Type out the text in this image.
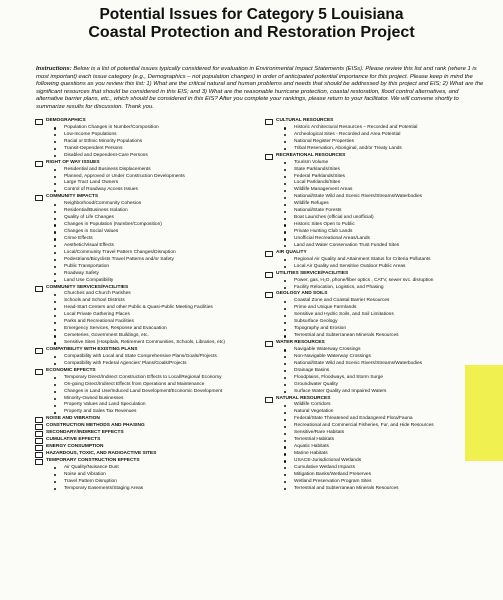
Potential Issues for Category 5 Louisiana
Coastal Protection and Restoration Project
Instructions: Below is a list of potential issues typically considered for evaluation in Environmental Impact Statements (EISs). Please review this list and rank (where 1 is most important) each issue category (e.g., Demographics – not population changes) in order of anticipated potential importance for this project. Please keep in mind the following questions as you review this list: 1) What are the critical natural and human problems and needs that should be addressed by this project and EIS; 2) What are the significant resources that should be considered in this EIS; and 3) What are the reasonable hurricane protection, coastal restoration, flood control alternatives, and alternative barrier plans, etc., which should be considered in this EIS? After you complete your rankings, please return to your facilitator. We will convene shortly to summarize results for discussion. Thank you.
DEMOGRAPHICS
Population Changes in Number/Composition
Low-Income Populations
Racial or Ethnic Minority Populations
Transit-Dependent Persons
Disabled and Dependent-Care Persons
RIGHT OF WAY ISSUES
Residential and Business Displacements
Planned, Approved or Under Construction Developments
Large Tract Land Owners
Control of Roadway Access Issues
COMMUNITY IMPACTS
Neighborhood/Community Cohesion
Residential/Business Isolation
Quality of Life Changes
Changes in Population (Number/Composition)
Changes in Social Values
Crime Effects
Aesthetic/Visual Effects
Local/Community Travel Pattern Changes/Disruption
Pedestrians/Bicyclists Travel Patterns and/or Safety
Public Transportation
Roadway Safety
Land Use Compatibility
COMMUNITY SERVICES/FACILITIES
Churches and Church Parishes
Schools and School Districts
Head-Start Centers and other Public & Quasi-Public Meeting Facilities
Local Private Gathering Places
Parks and Recreational Facilities
Emergency Services, Response and Evacuation
Cemeteries, Government Buildings, etc.
Sensitive Sites (Hospitals, Retirement Communities, Schools, Libraries, etc)
COMPATIBILITY WITH EXISTING PLANS
Compatibility with Local and State Comprehensive Plans/Goals/Projects
Compatibility with Federal Agencies' Plans/Goals/Projects
ECONOMIC EFFECTS
Temporary Direct/Indirect Construction Effects to Local/Regional Economy
On-going Direct/Indirect Effects from Operations and Maintenance
Changes in Land Use/Induced Land Development/Economic Development
Minority-Owned Businesses
Property Values and Land Speculation
Property and Sales Tax Revenues
NOISE AND VIBRATION
CONSTRUCTION METHODS AND PHASING
SECONDARY/INDIRECT EFFECTS
CUMULATIVE EFFECTS
ENERGY CONSUMPTION
HAZARDOUS, TOXIC, AND RADIOACTIVE SITES
TEMPORARY CONSTRUCTION EFFECTS
Air Quality/Nuisance Dust
Noise and Vibration
Travel Pattern Disruption
Temporary Easements/Staging Areas
CULTURAL RESOURCES
Historic Architectural Resources – Recorded and Potential
Archeological Sites - Recorded and Area Potential
National Register Properties
Tribal Reservation, Aboriginal, and/or Treaty Lands
RECREATIONAL RESOURCES
Tourism Volume
State Parklands/Sites
Federal Parklands/Sites
Local Parklands/Sites
Wildlife Management Areas
National/State Wild and Scenic Rivers/Streams/Waterbodies
Wildlife Refuges
National/State Forests
Boat Launches (official and unofficial)
Historic Sites Open to Public
Private Hunting Club Lands
Unofficial Recreational Areas/Lands
Land and Water Conservation Trust Funded Sites
AIR QUALITY
Regional Air Quality and Attainment Status for Criteria Pollutants
Local Air Quality and Sensitive Outdoor Public Areas
UTILITIES SERVICE/FACILITIES
Power, gas, H₂O, phone/fiber optics , CATV, sewer svc. disruption
Facility Relocation, Logistics, and Phasing
GEOLOGY AND SOILS
Coastal Zone and Coastal Barrier Resources
Prime and Unique Farmlands
Sensitive and Hydric Soils, and Soil Limitations
Subsurface Geology
Topography and Erosion
Terrestrial and Subterranean Minerals Resources
WATER RESOURCES
Navigable Waterway Crossings
Non-Navigable Waterway Crossings
National/State Wild and Scenic Rivers/Streams/Waterbodies
Drainage Basins
Floodplains, Floodways, and Storm Surge
Groundwater Quality
Surface Water Quality and Impaired Waters
NATURAL RESOURCES
Wildlife Corridors
Natural Vegetation
Federal/State Threatened and Endangered Flora/Fauna
Recreational and Commercial Fisheries, Fur, and Hide Resources
Sensitive/Rare Habitats
Terrestrial Habitats
Aquatic Habitats
Marine Habitats
USACE-Jurisdictional Wetlands
Cumulative Wetland Impacts
Mitigation Banks/Wetland Preserves
Wetland Preservation Program Sites
Terrestrial and Subterranean Minerals Resources
